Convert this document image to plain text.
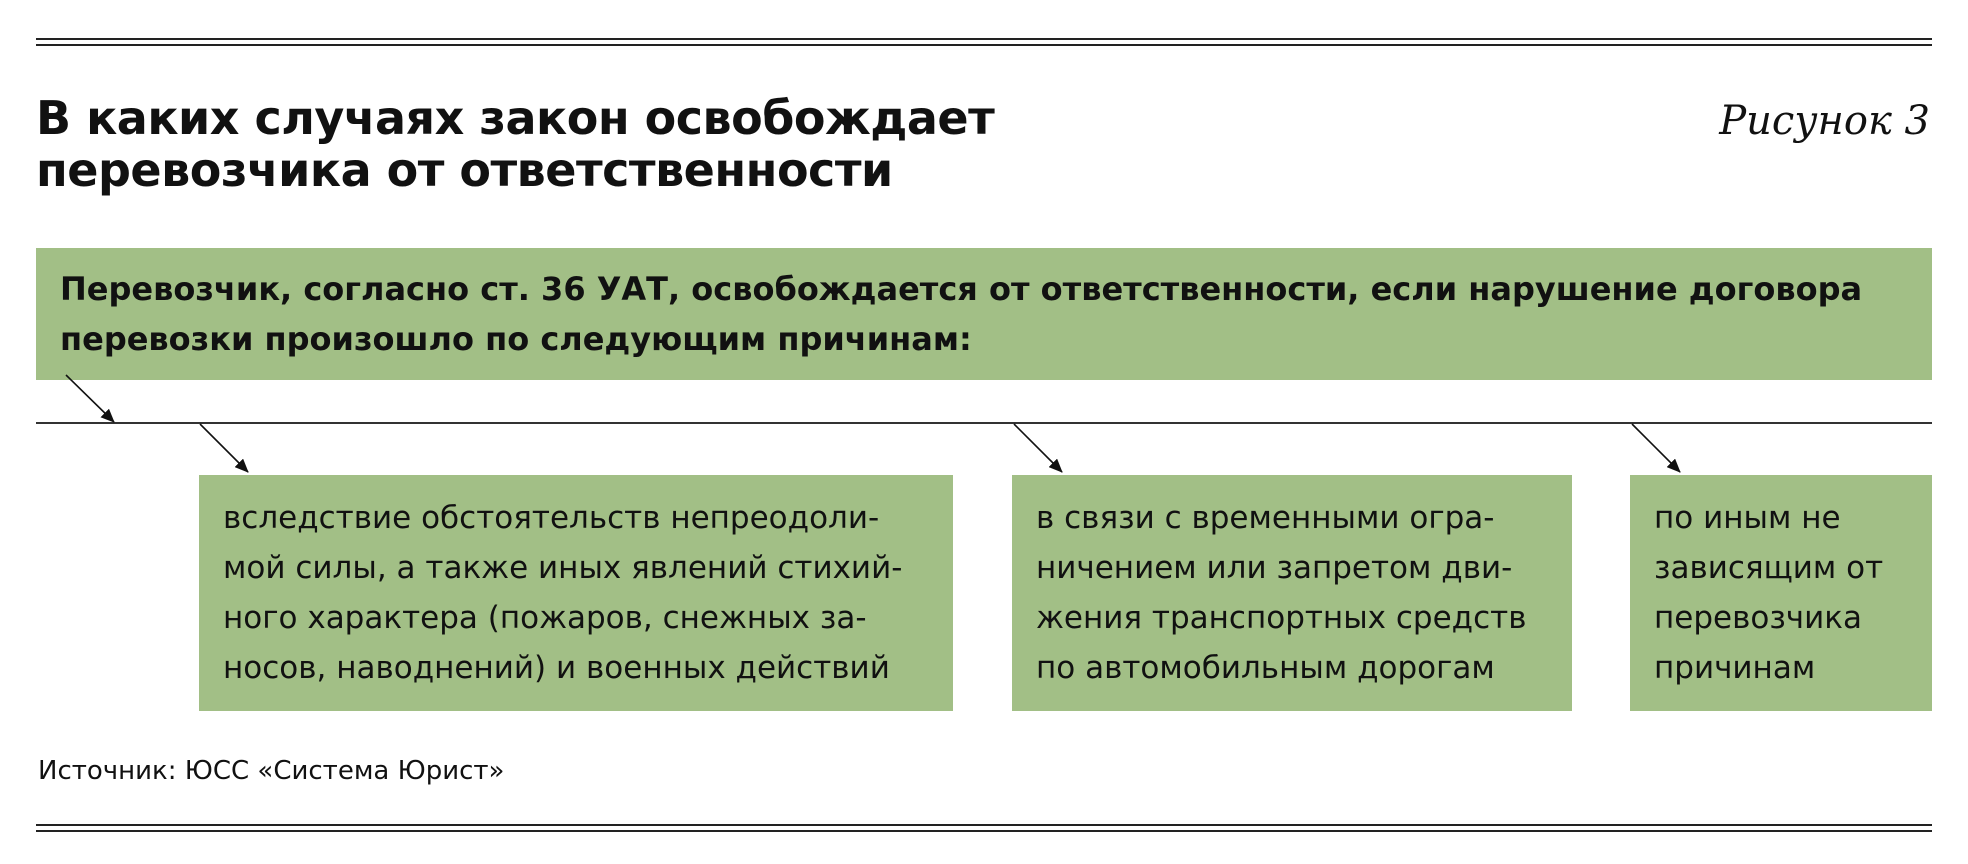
В каких случаях закон освобождает
перевозчика от ответственности
Рисунок 3
Перевозчик, согласно ст. 36 УАТ, освобождается от ответственности, если нарушение договора
перевозки произошло по следующим причинам:
вследствие обстоятельств непреодоли-
мой силы, а также иных явлений стихий-
ного характера (пожаров, снежных за-
носов, наводнений) и военных действий
в связи с временными огра-
ничением или запретом дви-
жения транспортных средств
по автомобильным дорогам
по иным не
зависящим от
перевозчика
причинам
Источник: ЮСС «Система Юрист»
